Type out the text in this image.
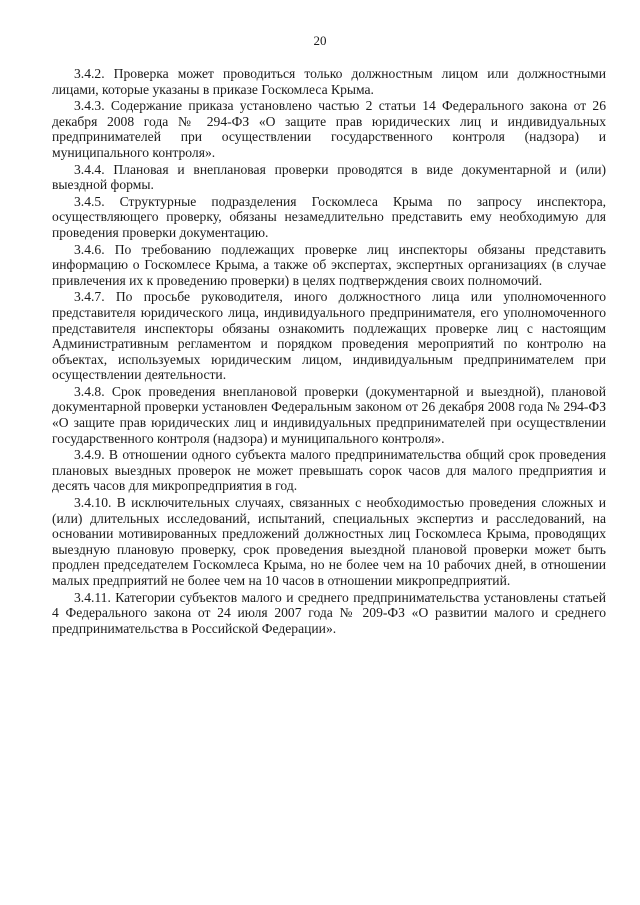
20

3.4.2. Проверка может проводиться только должностным лицом или должностными лицами, которые указаны в приказе Госкомлеса Крыма.

3.4.3. Содержание приказа установлено частью 2 статьи 14 Федерального закона от 26 декабря 2008 года № 294-ФЗ «О защите прав юридических лиц и индивидуальных предпринимателей при осуществлении государственного контроля (надзора) и муниципального контроля».

3.4.4. Плановая и внеплановая проверки проводятся в виде документарной и (или) выездной формы.

3.4.5. Структурные подразделения Госкомлеса Крыма по запросу инспектора, осуществляющего проверку, обязаны незамедлительно представить ему необходимую для проведения проверки документацию.

3.4.6. По требованию подлежащих проверке лиц инспекторы обязаны представить информацию о Госкомлесе Крыма, а также об экспертах, экспертных организациях (в случае привлечения их к проведению проверки) в целях подтверждения своих полномочий.

3.4.7. По просьбе руководителя, иного должностного лица или уполномоченного представителя юридического лица, индивидуального предпринимателя, его уполномоченного представителя инспекторы обязаны ознакомить подлежащих проверке лиц с настоящим Административным регламентом и порядком проведения мероприятий по контролю на объектах, используемых юридическим лицом, индивидуальным предпринимателем при осуществлении деятельности.

3.4.8. Срок проведения внеплановой проверки (документарной и выездной), плановой документарной проверки установлен Федеральным законом от 26 декабря 2008 года № 294-ФЗ «О защите прав юридических лиц и индивидуальных предпринимателей при осуществлении государственного контроля (надзора) и муниципального контроля».

3.4.9. В отношении одного субъекта малого предпринимательства общий срок проведения плановых выездных проверок не может превышать сорок часов для малого предприятия и десять часов для микропредприятия в год.

3.4.10. В исключительных случаях, связанных с необходимостью проведения сложных и (или) длительных исследований, испытаний, специальных экспертиз и расследований, на основании мотивированных предложений должностных лиц Госкомлеса Крыма, проводящих выездную плановую проверку, срок проведения выездной плановой проверки может быть продлен председателем Госкомлеса Крыма, но не более чем на 10 рабочих дней, в отношении малых предприятий не более чем на 10 часов в отношении микропредприятий.

3.4.11. Категории субъектов малого и среднего предпринимательства установлены статьей 4 Федерального закона от 24 июля 2007 года № 209-ФЗ «О развитии малого и среднего предпринимательства в Российской Федерации».
